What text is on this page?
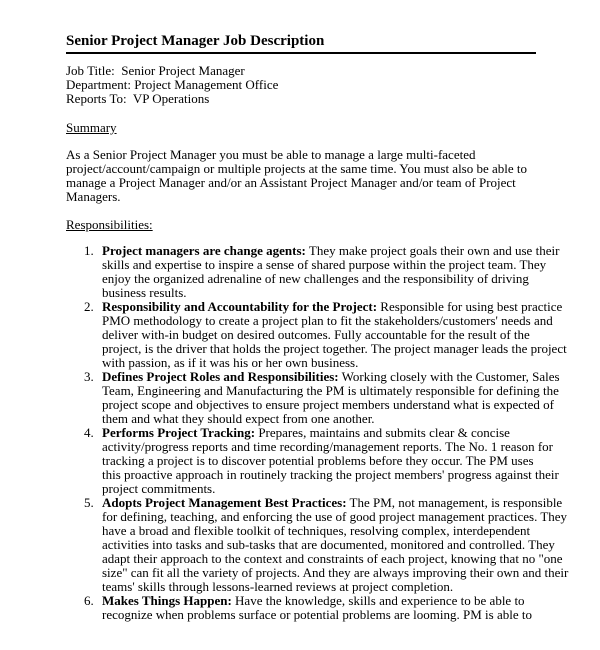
Senior Project Manager Job Description
Job Title:  Senior Project Manager
Department: Project Management Office
Reports To:  VP Operations
Summary
As a Senior Project Manager you must be able to manage a large multi-faceted
project/account/campaign or multiple projects at the same time. You must also be able to
manage a Project Manager and/or an Assistant Project Manager and/or team of Project
Managers.
Responsibilities:
1. Project managers are change agents: They make project goals their own and use their
skills and expertise to inspire a sense of shared purpose within the project team. They
enjoy the organized adrenaline of new challenges and the responsibility of driving
business results.
2. Responsibility and Accountability for the Project: Responsible for using best practice
PMO methodology to create a project plan to fit the stakeholders/customers' needs and
deliver with-in budget on desired outcomes. Fully accountable for the result of the
project, is the driver that holds the project together. The project manager leads the project
with passion, as if it was his or her own business.
3. Defines Project Roles and Responsibilities: Working closely with the Customer, Sales
Team, Engineering and Manufacturing the PM is ultimately responsible for defining the
project scope and objectives to ensure project members understand what is expected of
them and what they should expect from one another.
4. Performs Project Tracking: Prepares, maintains and submits clear & concise
activity/progress reports and time recording/management reports. The No. 1 reason for
tracking a project is to discover potential problems before they occur. The PM uses
this proactive approach in routinely tracking the project members' progress against their
project commitments.
5. Adopts Project Management Best Practices: The PM, not management, is responsible
for defining, teaching, and enforcing the use of good project management practices. They
have a broad and flexible toolkit of techniques, resolving complex, interdependent
activities into tasks and sub-tasks that are documented, monitored and controlled. They
adapt their approach to the context and constraints of each project, knowing that no "one
size" can fit all the variety of projects. And they are always improving their own and their
teams' skills through lessons-learned reviews at project completion.
6. Makes Things Happen: Have the knowledge, skills and experience to be able to
recognize when problems surface or potential problems are looming. PM is able to
